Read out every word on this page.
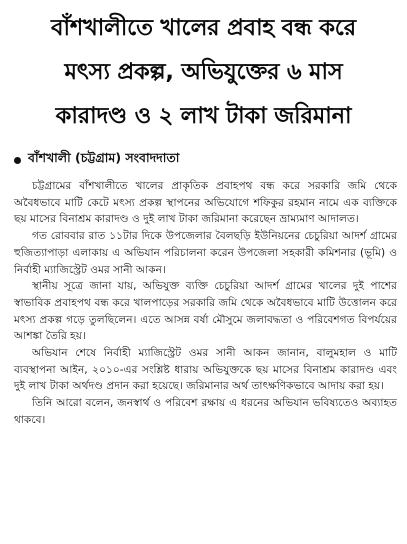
বাঁশখালীতে খালের প্রবাহ বন্ধ করে
মৎস্য প্রকল্প, অভিযুক্তের ৬ মাস
কারাদণ্ড ও ২ লাখ টাকা জরিমানা
বাঁশখালী (চট্টগ্রাম) সংবাদদাতা

চট্টগ্রামের বাঁশখালীতে খালের প্রাকৃতিক প্রবাহপথ বন্ধ করে সরকারি জমি থেকে অবৈধভাবে মাটি কেটে মৎস্য প্রকল্প স্থাপনের অভিযোগে শফিকুর রহমান নামে এক ব্যক্তিকে ছয় মাসের বিনাশ্রম কারাদণ্ড ও দুই লাখ টাকা জরিমানা করেছেন ভ্রাম্যমাণ আদালত।

গত রোববার রাত ১১টার দিকে উপজেলার বৈলছড়ি ইউনিয়নের চেচুরিয়া আদর্শ গ্রামের হুজিত্যাপাড়া এলাকায় এ অভিযান পরিচালনা করেন উপজেলা সহকারী কমিশনার (ভূমি) ও নির্বাহী ম্যাজিস্ট্রেট ওমর সানী আকন।

স্থানীয় সূত্রে জানা যায়, অভিযুক্ত ব্যক্তি চেচুরিয়া আদর্শ গ্রামের খালের দুই পাশের স্বাভাবিক প্রবাহপথ বন্ধ করে খালপাড়ের সরকারি জমি থেকে অবৈধভাবে মাটি উত্তোলন করে মৎস্য প্রকল্প গড়ে তুলছিলেন। এতে আসন্ন বর্ষা মৌসুমে জলাবদ্ধতা ও পরিবেশগত বিপর্যয়ের আশঙ্কা তৈরি হয়।

অভিযান শেষে নির্বাহী ম্যাজিস্ট্রেট ওমর সানী আকন জানান, বালুমহাল ও মাটি ব্যবস্থাপনা আইন, ২০১০-এর সংশ্লিষ্ট ধারায় অভিযুক্তকে ছয় মাসের বিনাশ্রম কারাদণ্ড এবং দুই লাখ টাকা অর্থদণ্ড প্রদান করা হয়েছে। জরিমানার অর্থ তাৎক্ষণিকভাবে আদায় করা হয়।

তিনি আরো বলেন, জনস্বার্থ ও পরিবেশ রক্ষায় এ ধরনের অভিযান ভবিষ্যতেও অব্যাহত থাকবে।
